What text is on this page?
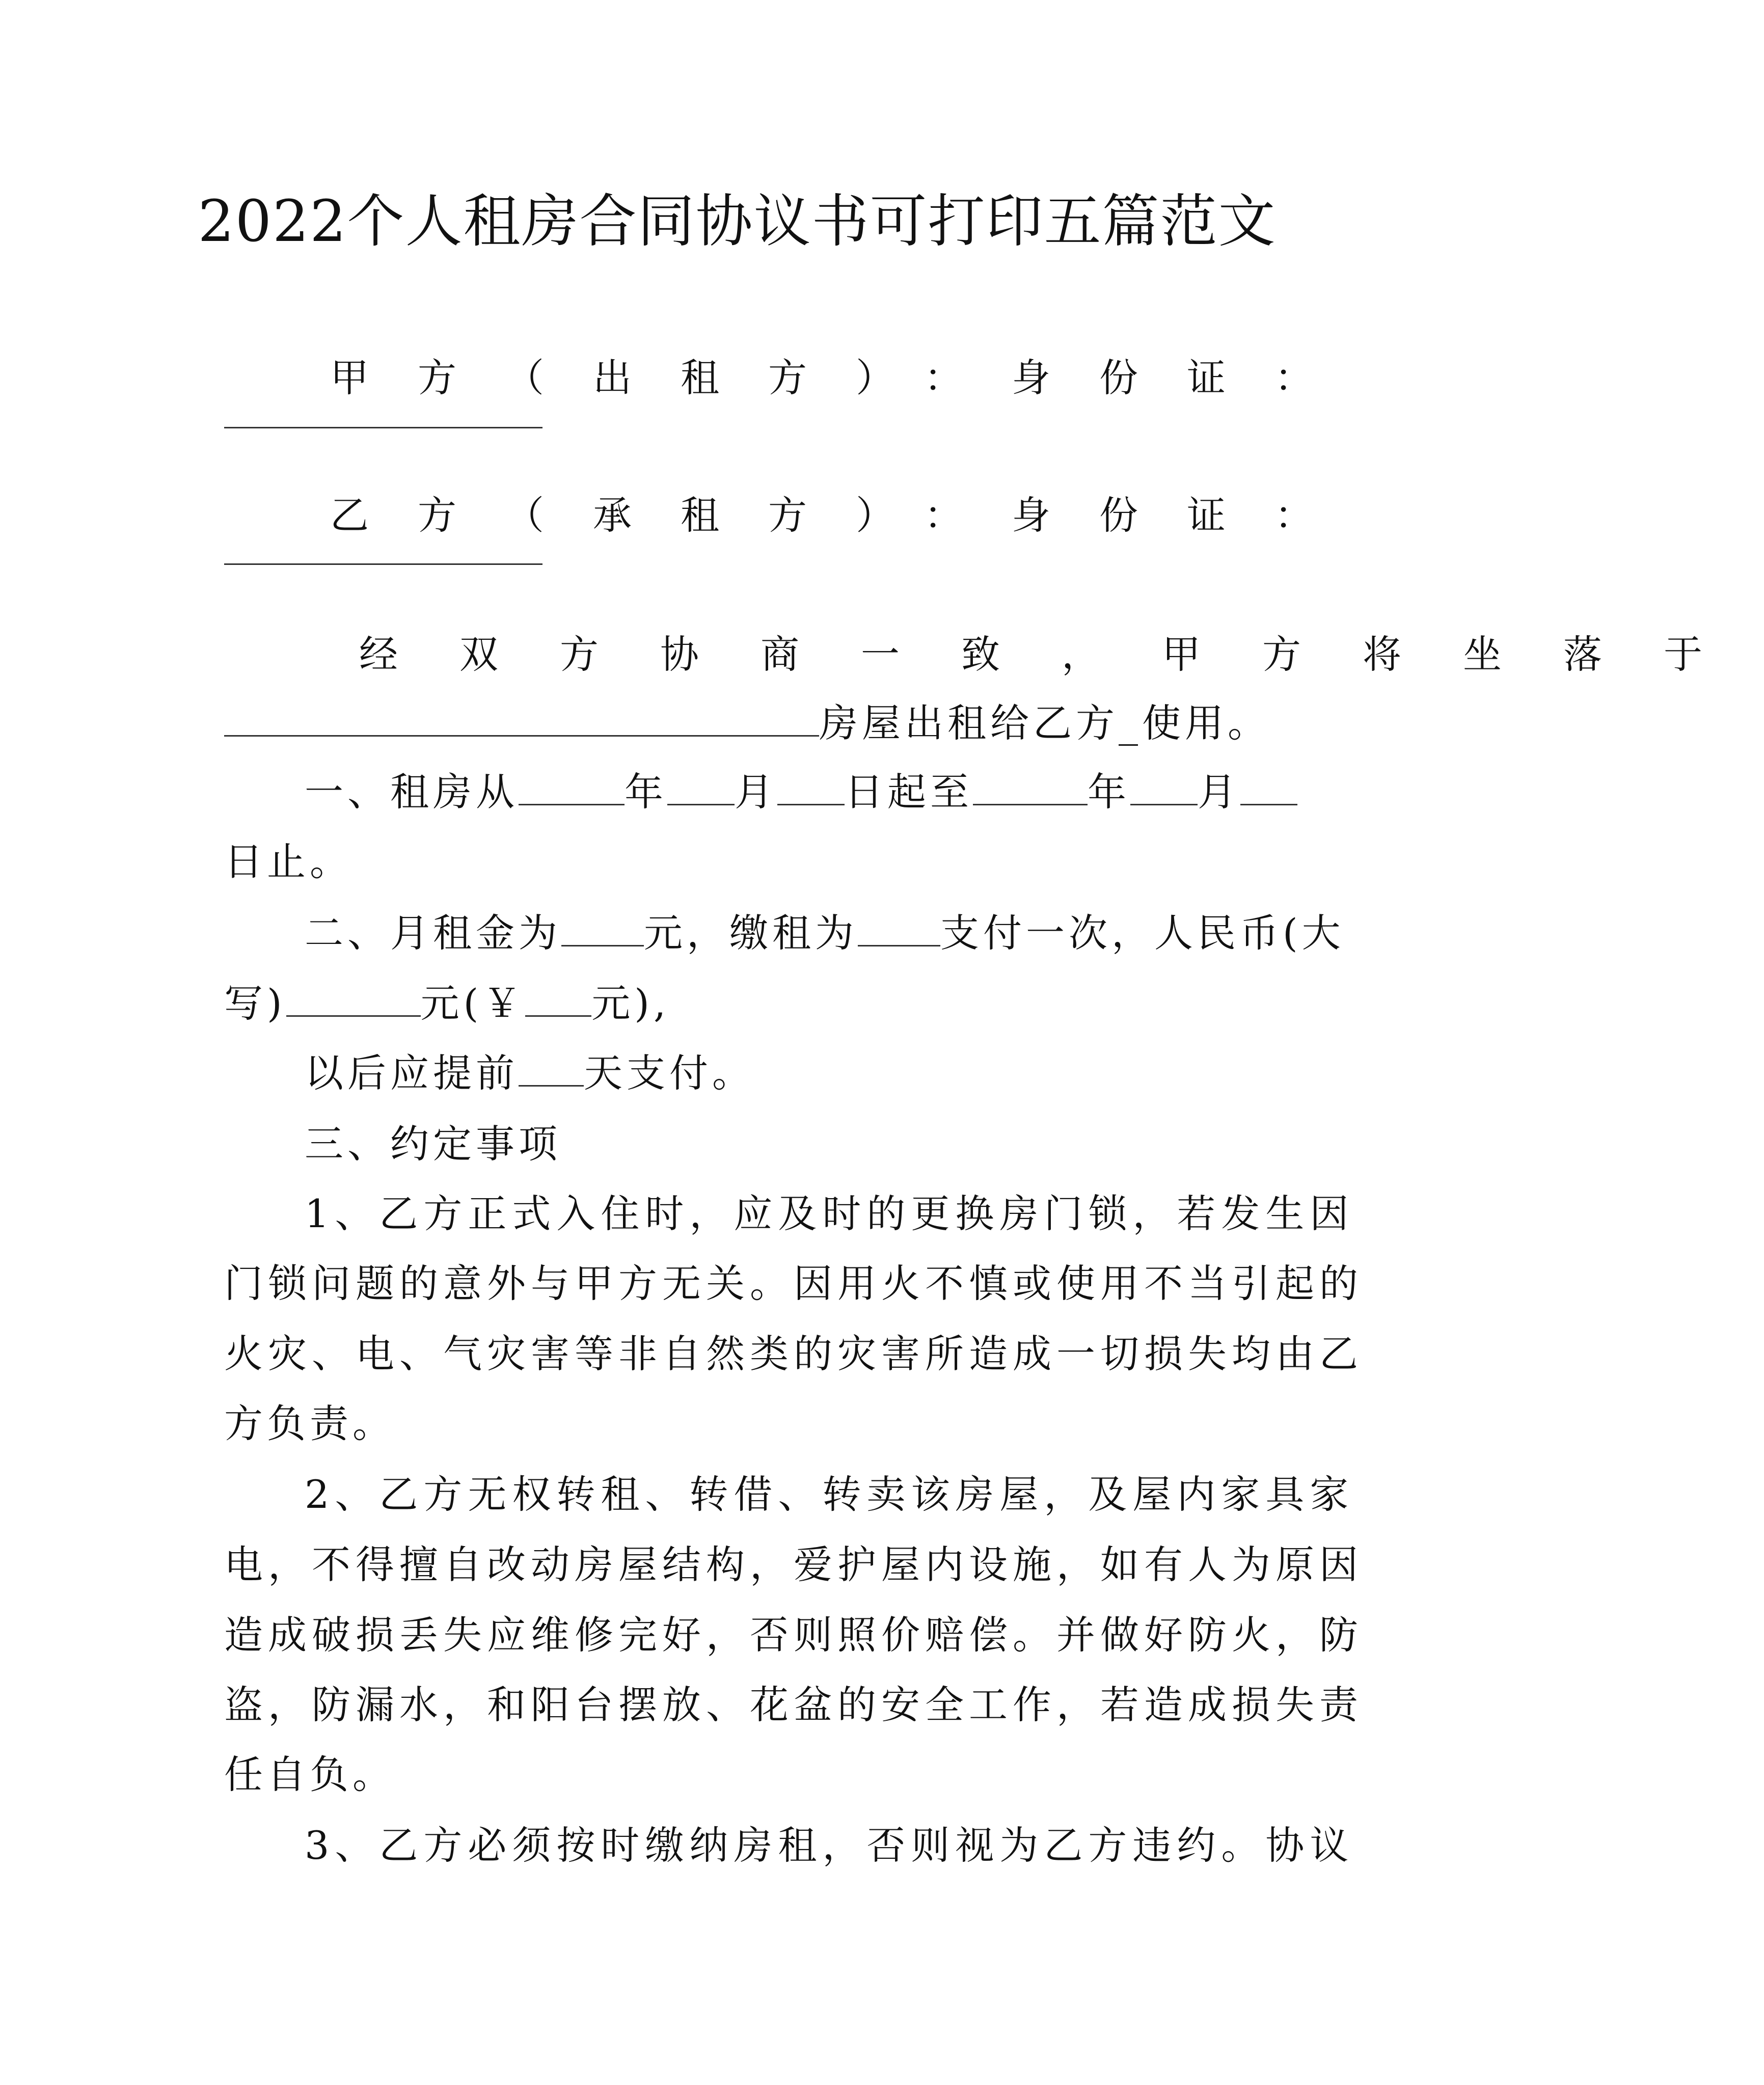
2022个人租房合同协议书可打印五篇范文
甲方（出租方）： 身份证：
乙方（承租方）： 身份证：
经双方协商一致，甲方将坐落于
房屋出租给乙方_使用。
一、租房从	年 月 日起至	年 月
日止。
二、月租金为 元，缴租为 支付一次，人民币(大
写)	元(￥ 元),
以后应提前 天支付。
三、约定事项
1、乙方正式入住时，应及时的更换房门锁，若发生因
门锁问题的意外与甲方无关。因用火不慎或使用不当引起的
火灾、电、气灾害等非自然类的灾害所造成一切损失均由乙
方负责。
2、乙方无权转租、转借、转卖该房屋，及屋内家具家
电，不得擅自改动房屋结构，爱护屋内设施，如有人为原因
造成破损丢失应维修完好，否则照价赔偿。并做好防火，防
盗，防漏水，和阳台摆放、花盆的安全工作，若造成损失责
任自负。
3、乙方必须按时缴纳房租，否则视为乙方违约。协议
